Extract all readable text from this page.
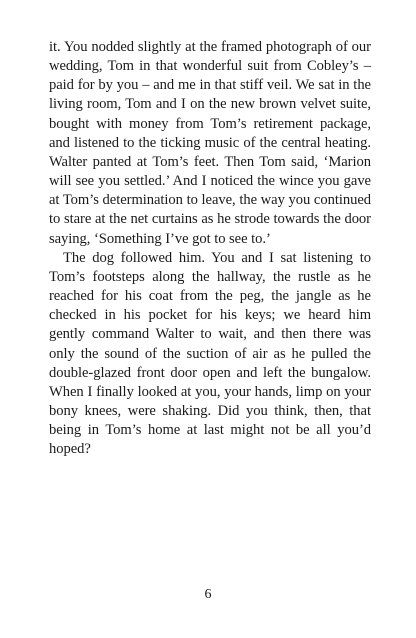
it. You nodded slightly at the framed photograph of our wedding, Tom in that wonderful suit from Cobley’s – paid for by you – and me in that stiff veil. We sat in the living room, Tom and I on the new brown velvet suite, bought with money from Tom’s retirement package, and listened to the ticking music of the central heating. Walter panted at Tom’s feet. Then Tom said, ‘Marion will see you settled.’ And I noticed the wince you gave at Tom’s determination to leave, the way you continued to stare at the net curtains as he strode towards the door saying, ‘Something I’ve got to see to.’

The dog followed him. You and I sat listening to Tom’s footsteps along the hallway, the rustle as he reached for his coat from the peg, the jangle as he checked in his pocket for his keys; we heard him gently command Walter to wait, and then there was only the sound of the suction of air as he pulled the double-glazed front door open and left the bungalow. When I finally looked at you, your hands, limp on your bony knees, were shaking. Did you think, then, that being in Tom’s home at last might not be all you’d hoped?

6
